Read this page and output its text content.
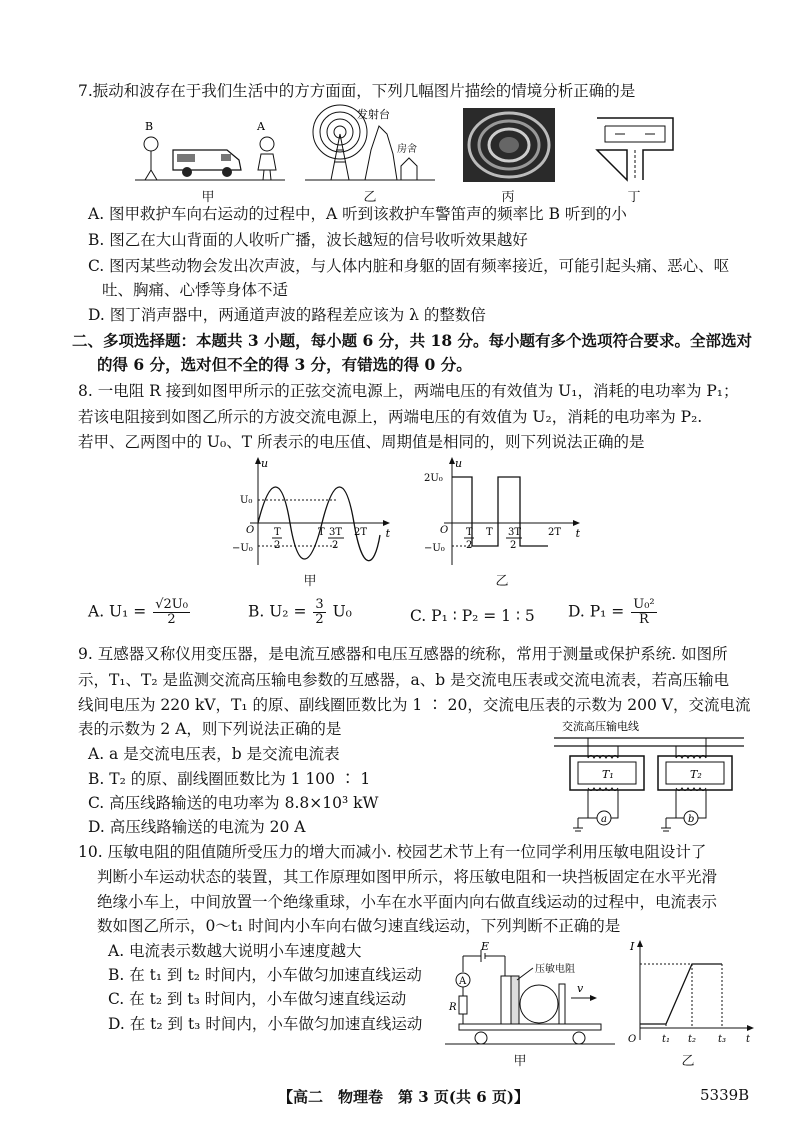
7.振动和波存在于我们生活中的方方面面，下列几幅图片描绘的情境分析正确的是
B	A
甲
发射台
房舍
乙	丙	丁
A. 图甲救护车向右运动的过程中，A 听到该救护车警笛声的频率比 B 听到的小
B. 图乙在大山背面的人收听广播，波长越短的信号收听效果越好
C. 图丙某些动物会发出次声波，与人体内脏和身躯的固有频率接近，可能引起头痛、恶心、呕
吐、胸痛、心悸等身体不适
D. 图丁消声器中，两通道声波的路程差应该为 λ 的整数倍
二、多项选择题：本题共 3 小题，每小题 6 分，共 18 分。每小题有多个选项符合要求。全部选对
的得 6 分，选对但不全的得 3 分，有错选的得 0 分。
8. 一电阻 R 接到如图甲所示的正弦交流电源上，两端电压的有效值为 U₁，消耗的电功率为 P₁；
若该电阻接到如图乙所示的方波交流电源上，两端电压的有效值为 U₂，消耗的电功率为 P₂.
若甲、乙两图中的 U₀、T 所表示的电压值、周期值是相同的，则下列说法正确的是
u
t
U₀
−U₀
O T
2
T 3T
2
2T
甲
u
t
2U₀
−U₀
O T
2
T 3T
2
2T
乙
A. $U_1 = \frac{\text{√2U₀}}{2}$	B. $U_2 = \frac{3}{2} U_0$	C. P₁ ∶ P₂ = 1 ∶ 5 D. $P_1 = \frac{\text{U₀²}}{R}$
9. 互感器又称仪用变压器，是电流互感器和电压互感器的统称，常用于测量或保护系统. 如图所
示，T₁、T₂ 是监测交流高压输电参数的互感器，a、b 是交流电压表或交流电流表，若高压输电
线间电压为 220 kV，T₁ 的原、副线圈匝数比为 1 ∶ 20，交流电压表的示数为 200 V，交流电流
表的示数为 2 A，则下列说法正确的是
A. a 是交流电压表，b 是交流电流表
B. T₂ 的原、副线圈匝数比为 1 100 ∶ 1
C. 高压线路输送的电功率为 8.8×10³ kW
D. 高压线路输送的电流为 20 A
交流高压输电线
T₁
a
T₂
b
10. 压敏电阻的阻值随所受压力的增大而减小. 校园艺术节上有一位同学利用压敏电阻设计了
判断小车运动状态的装置，其工作原理如图甲所示，将压敏电阻和一块挡板固定在水平光滑
绝缘小车上，中间放置一个绝缘重球，小车在水平面内向右做直线运动的过程中，电流表示
数如图乙所示，0～t₁ 时间内小车向右做匀速直线运动，下列判断不正确的是
A. 电流表示数越大说明小车速度越大
B. 在 t₁ 到 t₂ 时间内，小车做匀加速直线运动
C. 在 t₂ 到 t₃ 时间内，小车做匀速直线运动
D. 在 t₂ 到 t₃ 时间内，小车做匀加速直线运动
E
A
R
压敏电阻
v
甲
I
O	t
t₁ t₂ t₃
乙
【高二　物理卷　第 3 页(共 6 页)】	5339B
